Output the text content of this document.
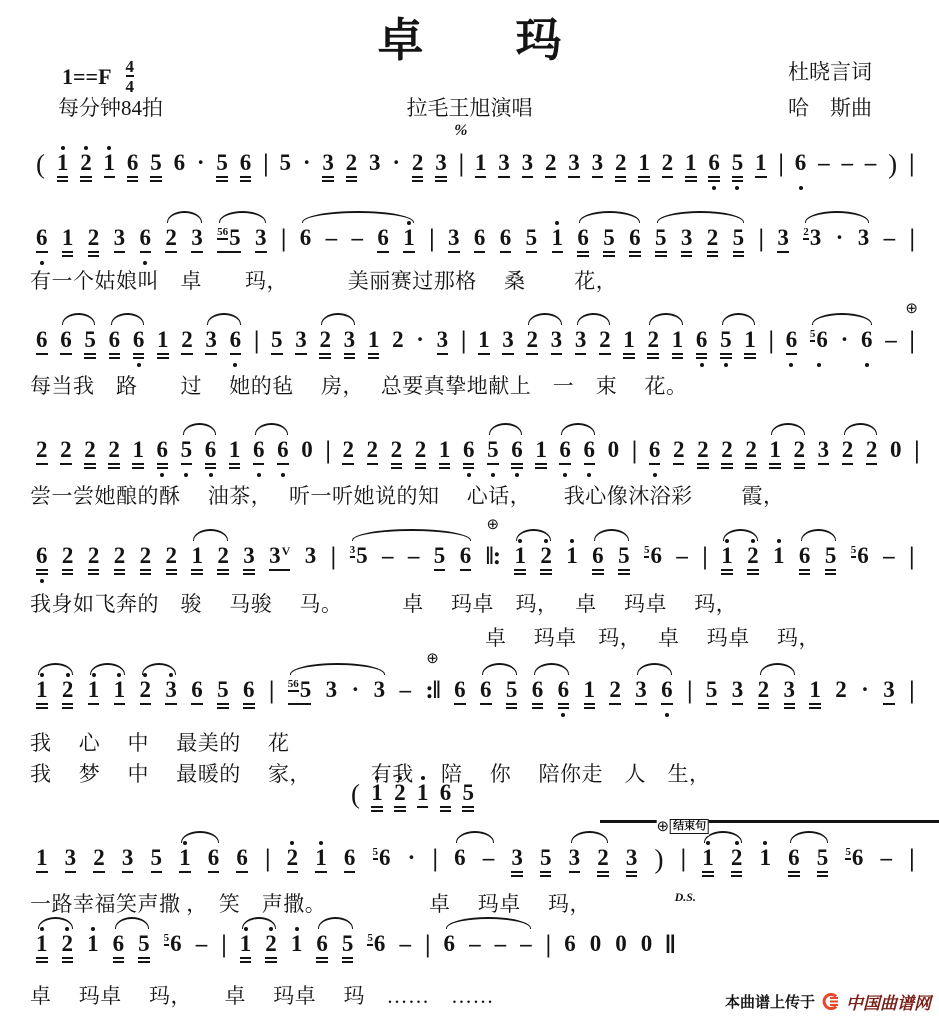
卓　　玛
$1==F \frac{4}{4}$
每分钟84拍	拉毛王旭演唱
杜晓言词
哈　斯曲
( 1 2 1 6 5 6 · 5 6 | 5 · 3 2 3 · 2 3 |
%
1 3 3 2 3 3 2 1 2 1 6 5 1 | 6 – – – ) |
6 1 2 3 6 2 3 56 5 3 | 6 – – 6 1 | 3 6 6 5 1 6 5 6 5 3 2 5 | 3 2 3 · 3 – |
6 6 5 6 6 1 2 3 6 | 5 3 2 3 1 2 · 3 | 1 3 2 3 3 2 1 2 1 6 5 1 | 6 5 6 · 6 – |
⊕
2 2 2 2 1 6 5 6 1 6 6 0 | 2 2 2 2 1 6 5 6 1 6 6 0 | 6 2 2 2 2 1 2 3 2 2 0 |
6 2 2 2 2 2 1 2 3 3 V 3 | 3 5 – – 5 6 ‖:
⊕
1 2 1 6 5 5 6 – | 1 2 1 6 5 5 6 – |
1 2 1 1 2 3 6 5 6 | 56 5 3 · 3 – :‖
⊕
6 6 5 6 6 1 2 3 6 | 5 3 2 3 1 2 · 3 |
( 1 2 1 6 5
1 3 2 3 5 1 6 6 | 2 1 6 5 6 · | 6 – 3 5 3 2 3 ) |
D.S.
⊕ 结束句
1 2 1 6 5 5 6 – |
1 2 1 6 5 5 6 – | 1 2 1 6 5 5 6 – | 6 – – – | 6 0 0 0 ‖
有一个姑娘叫　卓　　玛，　　　 美丽赛过那格　 桑　　 花，
每当我　路　　过　 她的毡　 房，　 总要真挚地献上　一　束　 花。
尝一尝她酿的酥　 油茶，　 听一听她说的知　 心话，　　我心像沐浴彩　　 霞，
我身如飞奔的　骏　 马骏　 马。　　　 卓　 玛卓　玛，　 卓　 玛卓　 玛，
卓　 玛卓　玛，　 卓　 玛卓　 玛，
我　 心　 中　 最美的　 花
我　 梦　 中　 最暖的　 家，　　　 有我　 陪　 你　 陪你走　人　生，
一路幸福笑声撒 ，　笑　声撒。　　　　　 卓　 玛卓　 玛，
卓　 玛卓　 玛，　　卓　 玛卓　 玛　……　……	本曲谱上传于 中国曲谱网
